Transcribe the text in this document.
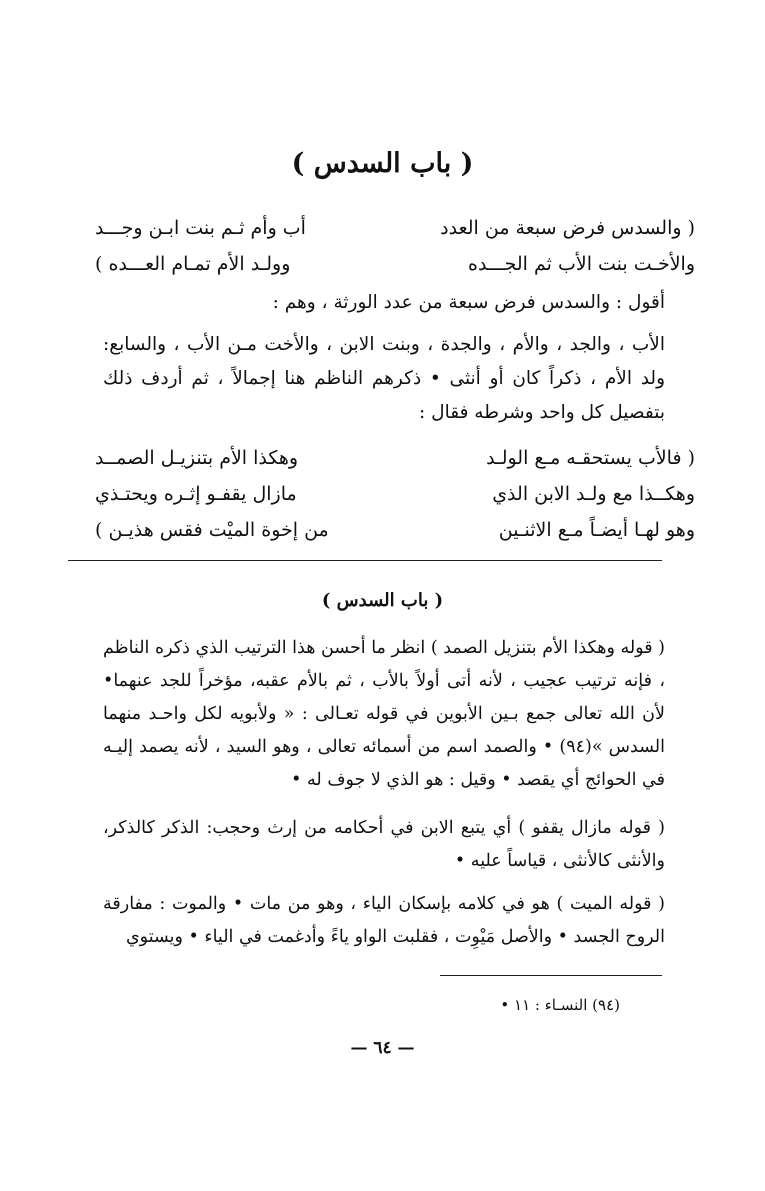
( باب السدس )
( والسدس فرض سبعة من العدد
أب وأم ثـم بنت ابـن وجـــد
والأخـت بنت الأب ثم الجـــده
وولـد الأم تمـام العـــده )
أقول : والسدس فرض سبعة من عدد الورثة ، وهم :
الأب ، والجد ، والأم ، والجدة ، وبنت الابن ، والأخت مـن الأب ، والسابع: ولد الأم ، ذكراً كان أو أنثى • ذكرهم الناظم هنا إجمالاً ، ثم أردف ذلك بتفصيل كل واحد وشرطه فقال :
( فالأب يستحقـه مـع الولـد
وهكذا الأم بتنزيـل الصمــد
وهكــذا مع ولـد الابن الذي
مازال يقفـو إثـره ويحتـذي
وهو لهـا أيضـاً مـع الاثنـين
من إخوة الميْت فقس هذيـن )
( باب السدس )
( قوله وهكذا الأم بتنزيل الصمد ) انظر ما أحسن هذا الترتيب الذي ذكره الناظم ، فإنه ترتيب عجيب ، لأنه أتى أولاً بالأب ، ثم بالأم عقبه، مؤخراً للجد عنهما• لأن الله تعالى جمع بـين الأبوين في قوله تعـالى : « ولأبويه لكل واحـد منهما السدس »(٩٤) • والصمد اسم من أسمائه تعالى ، وهو السيد ، لأنه يصمد إليـه في الحوائج أي يقصد • وقيل : هو الذي لا جوف له •
( قوله مازال يقفو ) أي يتبع الابن في أحكامه من إرث وحجب: الذكر كالذكر، والأنثى كالأنثى ، قياساً عليه •
( قوله الميت ) هو في كلامه بإسكان الياء ، وهو من مات • والموت : مفارقة الروح الجسد • والأصل مَيْوِت ، فقلبت الواو ياءً وأدغمت في الياء • ويستوي
(٩٤) النسـاء : ١١ •
— ٦٤ —
